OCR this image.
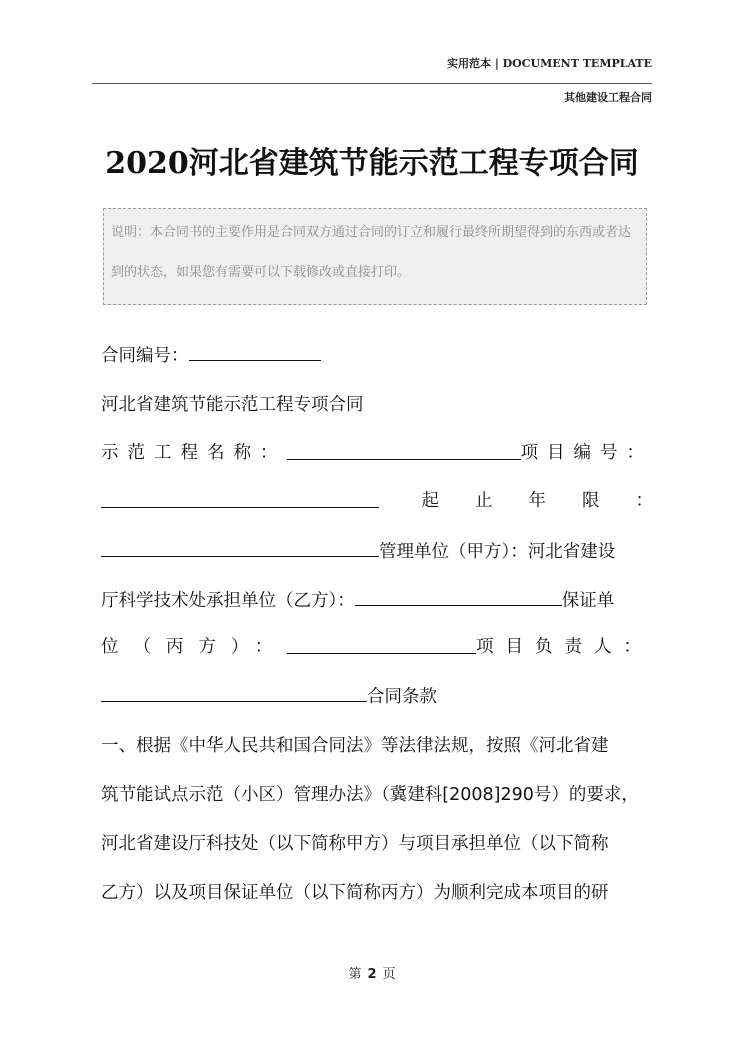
实用范本 | DOCUMENT TEMPLATE
其他建设工程合同
2020河北省建筑节能示范工程专项合同
说明：本合同书的主要作用是合同双方通过合同的订立和履行最终所期望得到的东西或者达到的状态，如果您有需要可以下载修改或直接打印。
合同编号：
河北省建筑节能示范工程专项合同
示范工程名称：	项目编号：
起止年限：
管理单位（甲方）：河北省建设
厅科学技术处承担单位（乙方）：	保证单
位（丙方）：	项目负责人：
合同条款
一、根据《中华人民共和国合同法》等法律法规，按照《河北省建
筑节能试点示范（小区）管理办法》（冀建科[2008]290号）的要求，
河北省建设厅科技处（以下简称甲方）与项目承担单位（以下简称
乙方）以及项目保证单位（以下简称丙方）为顺利完成本项目的研
第 2 页
